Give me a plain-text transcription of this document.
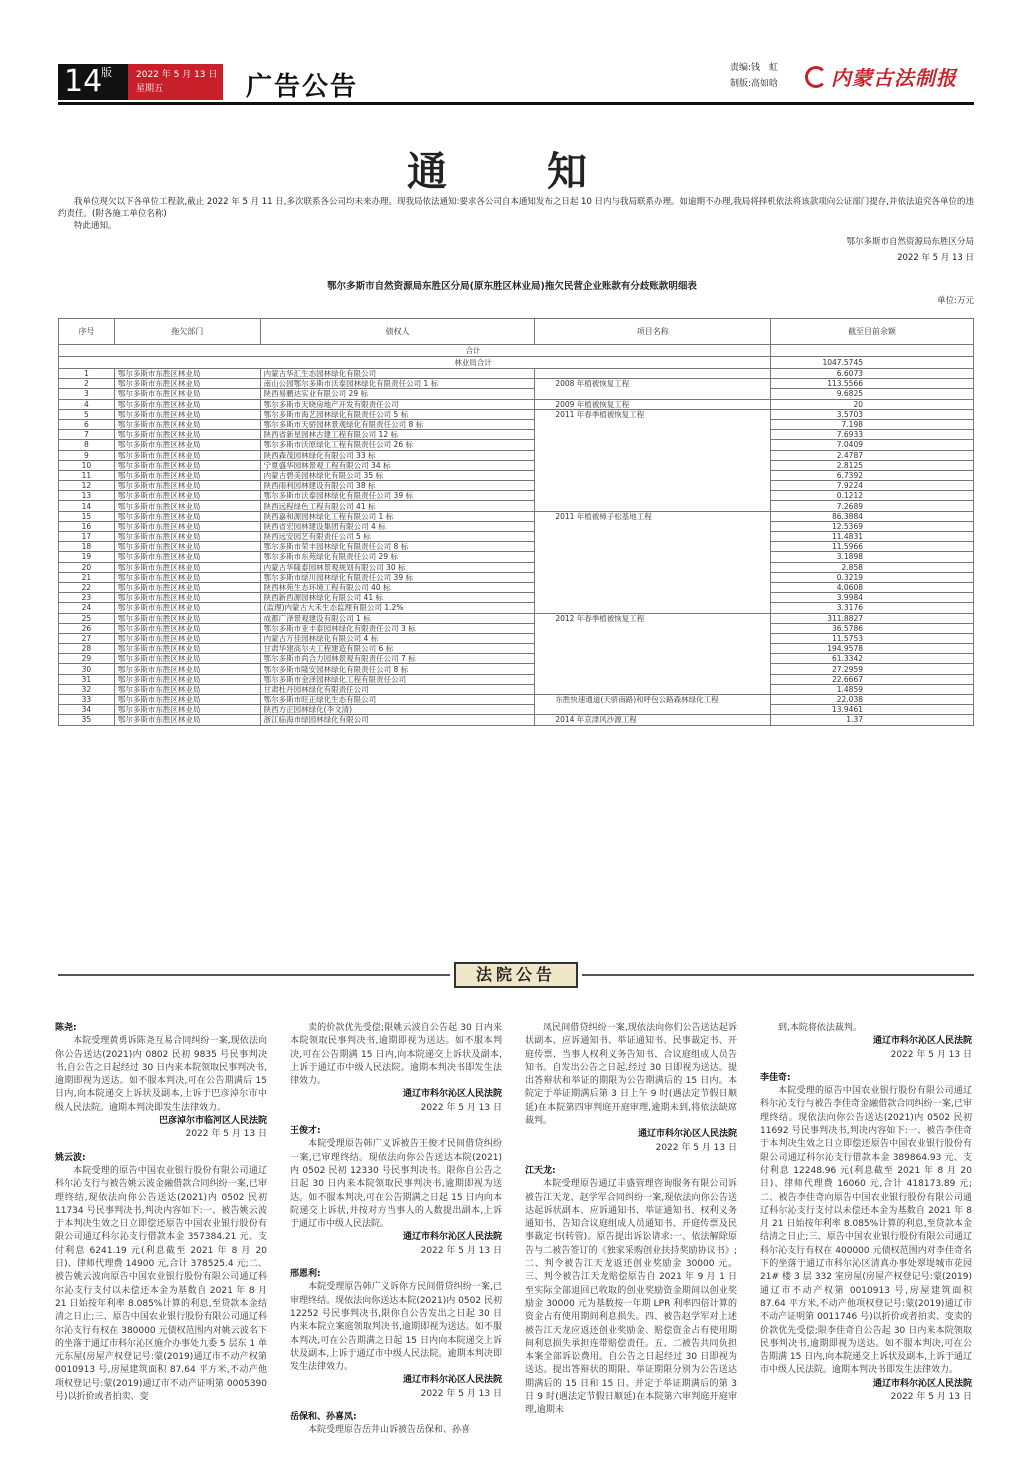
14
版	2022 年 5 月 13 日
星期五	广告公告
责编:钱　虹
制版:高如晗	内蒙古法制报
通　知

我单位现欠以下各单位工程款,截止 2022 年 5 月 11 日,多次联系各公司均未来办理。现我局依法通知:要求各公司自本通知发布之日起 10 日内与我局联系办理。如逾期不办理,我局将择机依法将该款项向公证部门提存,并依法追究各单位的违约责任。(附各施工单位名称)

特此通知。

鄂尔多斯市自然资源局东胜区分局
2022 年 5 月 13 日
鄂尔多斯市自然资源局东胜区分局(原东胜区林业局)拖欠民营企业账款有分歧账款明细表
单位:万元
序号	拖欠部门	债权人	项目名称	截至目前余额
合计				
林业局合计				1047.5745
1	鄂尔多斯市东胜区林业局	内蒙古华汇生态园林绿化有限公司		6.6073
2	鄂尔多斯市东胜区林业局	南山公园鄂尔多斯市沃泰园林绿化有限责任公司 1 标	2008 年植被恢复工程	113.5566
3	鄂尔多斯市东胜区林业局	陕西易鹏达实业有限公司 29 标		9.6825
4	鄂尔多斯市东胜区林业局	鄂尔多斯市天晓房地产开发有限责任公司	2009 年植被恢复工程	20
5	鄂尔多斯市东胜区林业局	鄂尔多斯市海艺园林绿化有限责任公司 5 标	2011 年春季植被恢复工程	3.5703
6	鄂尔多斯市东胜区林业局	鄂尔多斯市天骄园林景观绿化有限责任公司 8 标		7.198
7	鄂尔多斯市东胜区林业局	陕西省新星园林古建工程有限公司 12 标		7.6933
8	鄂尔多斯市东胜区林业局	鄂尔多斯市沃原绿化工程有限责任公司 26 标		7.0409
9	鄂尔多斯市东胜区林业局	陕西森茂园林绿化有限公司 33 标		2.4787
10	鄂尔多斯市东胜区林业局	宁夏盛华园林景观工程有限公司 34 标		2.8125
11	鄂尔多斯市东胜区林业局	内蒙古碧美园林绿化有限公司 35 标		6.7392
12	鄂尔多斯市东胜区林业局	陕西雨利园林建设有限公司 38 标		7.9224
13	鄂尔多斯市东胜区林业局	鄂尔多斯市沃泰园林绿化有限责任公司 39 标		0.1212
14	鄂尔多斯市东胜区林业局	陕西远程绿色工程有限公司 41 标		7.2689
15	鄂尔多斯市东胜区林业局	陕西嘉和源园林绿化工程有限公司 1 标	2011 年植被樟子松基地工程	86.3884
16	鄂尔多斯市东胜区林业局	陕西省宏园林建设集团有限公司 4 标		12.5369
17	鄂尔多斯市东胜区林业局	陕西远安园艺有限责任公司 5 标		11.4831
18	鄂尔多斯市东胜区林业局	鄂尔多斯市荣丰园林绿化有限责任公司 8 标		11.5966
19	鄂尔多斯市东胜区林业局	鄂尔多斯市东苑绿化有限责任公司 29 标		3.1898
20	鄂尔多斯市东胜区林业局	内蒙古华隆泰园林景观规划有限公司 30 标		2.858
21	鄂尔多斯市东胜区林业局	鄂尔多斯市绿川园林绿化有限责任公司 39 标		0.3219
22	鄂尔多斯市东胜区林业局	陕西林苑生态环境工程有限公司 40 标		4.0608
23	鄂尔多斯市东胜区林业局	陕西新西源园林绿化有限公司 41 标		3.9984
24	鄂尔多斯市东胜区林业局	(监理)内蒙古大禾生态监理有限公司 1.2%		3.3176
25	鄂尔多斯市东胜区林业局	成都广泽景观建设有限公司 1 标	2012 年春季植被恢复工程	311.8827
26	鄂尔多斯市东胜区林业局	鄂尔多斯市亚丰泰园林绿化有限责任公司 3 标		36.5786
27	鄂尔多斯市东胜区林业局	内蒙古万佳园林绿化有限公司 4 标		11.5753
28	鄂尔多斯市东胜区林业局	甘肃华建高尔夫工程建造有限公司 6 标		194.9578
29	鄂尔多斯市东胜区林业局	鄂尔多斯市尚合力园林景观有限责任公司 7 标		61.3342
30	鄂尔多斯市东胜区林业局	鄂尔多斯市隆安园林绿化有限责任公司 8 标		27.2959
31	鄂尔多斯市东胜区林业局	鄂尔多斯市金泽园林绿化工程有限责任公司		22.6667
32	鄂尔多斯市东胜区林业局	甘肃杜丹园林绿化有限责任公司		1.4859
33	鄂尔多斯市东胜区林业局	鄂尔多斯市旺正绿化生态有限公司	东胜快速通道(天骄南路)和呼包公路森林绿化工程	22.038
34	鄂尔多斯市东胜区林业局	陕西方正园林绿化(李文清)		13.9461
35	鄂尔多斯市东胜区林业局	浙江临海市绿园林绿化有限公司	2014 年京津风沙源工程	1.37
法院公告
陈尧:
本院受理黄勇诉陈尧互易合同纠纷一案,现依法向你公告送达(2021)内 0802 民初 9835 号民事判决书,自公告之日起经过 30 日内来本院领取民事判决书,逾期即视为送达。如不服本判决,可在公告期满后 15 日内,向本院递交上诉状及副本,上诉于巴彦淖尔市中级人民法院。逾期本判决即发生法律效力。
巴彦淖尔市临河区人民法院
2022 年 5 月 13 日
姚云波:
本院受理的原告中国农业银行股份有限公司通辽科尔沁支行与被告姚云波金融借款合同纠纷一案,已审理终结,现依法向你公告送达(2021)内 0502 民初 11734 号民事判决书,判决内容如下:一、被告姚云波于本判决生效之日立即偿还原告中国农业银行股份有限公司通辽科尔沁支行借款本金 357384.21 元、支付利息 6241.19 元(利息截至 2021 年 8 月 20 日)、律师代理费 14900 元,合计 378525.4 元;二、被告姚云波向原告中国农业银行股份有限公司通辽科尔沁支行支付以未偿还本金为基数自 2021 年 8 月 21 日始按年利率 8.085%计算的利息,至贷款本金结清之日止;三、原告中国农业银行股份有限公司通辽科尔沁支行有权在 380000 元债权范围内对姚云波名下的坐落于通辽市科尔沁区施介办事处九委 5 层东 1 单元东屋(房屋产权登记号:蒙(2019)通辽市不动产权第 0010913 号,房屋建筑面积 87.64 平方米,不动产他项权登记号:蒙(2019)通辽市不动产证明第 0005390 号)以折价或者拍卖、变
卖的价款优先受偿;限姚云波自公告起 30 日内来本院领取民事判决书,逾期即视为送达。如不服本判决,可在公告期满 15 日内,向本院递交上诉状及副本,上诉于通辽市中级人民法院。逾期本判决书即发生法律效力。
通辽市科尔沁区人民法院
2022 年 5 月 13 日
王俊才:
本院受理原告韩广义诉被告王俊才民间借贷纠纷一案,已审理终结。现依法向你公告送达本院(2021)内 0502 民初 12330 号民事判决书。限你自公告之日起 30 日内来本院领取民事判决书,逾期即视为送达。如不服本判决,可在公告期满之日起 15 日内向本院递交上诉状,并按对方当事人的人数提出副本,上诉于通辽市中级人民法院。
通辽市科尔沁区人民法院
2022 年 5 月 13 日
邢恩利:
本院受理原告韩广义诉你方民间借贷纠纷一案,已审理终结。现依法向你送达本院(2021)内 0502 民初 12252 号民事判决书,限你自公告发出之日起 30 日内来本院立案庭领取判决书,逾期即视为送达。如不服本判决,可在公告期满之日起 15 日内向本院递交上诉状及副本,上诉于通辽市中级人民法院。逾期本判决即发生法律效力。
通辽市科尔沁区人民法院
2022 年 5 月 13 日
岳保和、孙喜凤:
本院受理原告岳井山诉被告岳保和、孙喜
凤民间借贷纠纷一案,现依法向你们公告送达起诉状副本、应诉通知书、举证通知书、民事裁定书、开庭传票、当事人权利义务告知书、合议庭组成人员告知书。自发出公告之日起,经过 30 日即视为送达。提出答辩状和举证的期限为公告期满后的 15 日内。本院定于举证期满后第 3 日上午 9 时(遇法定节假日顺延)在本院第四审判庭开庭审理,逾期未到,将依法缺席裁判。
通辽市科尔沁区人民法院
2022 年 5 月 13 日
江天龙:
本院受理原告通辽丰盛管理咨询服务有限公司诉被告江天龙、赵学军合同纠纷一案,现依法向你公告送达起诉状副本、应诉通知书、举证通知书、权利义务通知书、告知合议庭组成人员通知书、开庭传票及民事裁定书(转管)。原告提出诉讼请求:一、依法解除原告与二被告签订的《独家采购创业扶持奖励协议书》;二、判令被告江天龙返还创业奖励金 30000 元。三、判令被告江天龙赔偿原告自 2021 年 9 月 1 日至实际全部退回已收取的创业奖励资金期间以创业奖励金 30000 元为基数按一年期 LPR 利率四倍计算的资金占有使用期间利息损失。四、被告赵学军对上述被告江天龙应返还创业奖励金、赔偿资金占有使用期间利息损失承担连带赔偿责任。五、二被告共同负担本案全部诉讼费用。自公告之日起经过 30 日即视为送达。提出答辩状的期限、举证期限分别为公告送达期满后的 15 日和 15 日。并定于举证期满后的第 3 日 9 时(遇法定节假日顺延)在本院第六审判庭开庭审理,逾期未
到,本院将依法裁判。
通辽市科尔沁区人民法院
2022 年 5 月 13 日
李佳奇:
本院受理的原告中国农业银行股份有限公司通辽科尔沁支行与被告李佳奇金融借款合同纠纷一案,已审理终结。现依法向你公告送达(2021)内 0502 民初 11692 号民事判决书,判决内容如下:一、被告李佳奇于本判决生效之日立即偿还原告中国农业银行股份有限公司通辽科尔沁支行借款本金 389864.93 元、支付利息 12248.96 元(利息截至 2021 年 8 月 20 日)、律师代理费 16060 元,合计 418173.89 元;二、被告李佳奇向原告中国农业银行股份有限公司通辽科尔沁支行支付以未偿还本金为基数自 2021 年 8 月 21 日始按年利率 8.085%计算的利息,至贷款本金结清之日止;三、原告中国农业银行股份有限公司通辽科尔沁支行有权在 400000 元债权范围内对李佳奇名下的坐落于通辽市科尔沁区清真办事处翠堤城市花园 21# 楼 3 层 332 室房屋(房屋产权登记号:蒙(2019)通辽市不动产权第 0010913 号,房屋建筑面积 87.64 平方米,不动产他项权登记号:蒙(2019)通辽市不动产证明第 0011746 号)以折价或者拍卖、变卖的价款优先受偿;限李佳奇自公告起 30 日内来本院领取民事判决书,逾期即视为送达。如不服本判决,可在公告期满 15 日内,向本院递交上诉状及副本,上诉于通辽市中级人民法院。逾期本判决书即发生法律效力。
通辽市科尔沁区人民法院
2022 年 5 月 13 日
